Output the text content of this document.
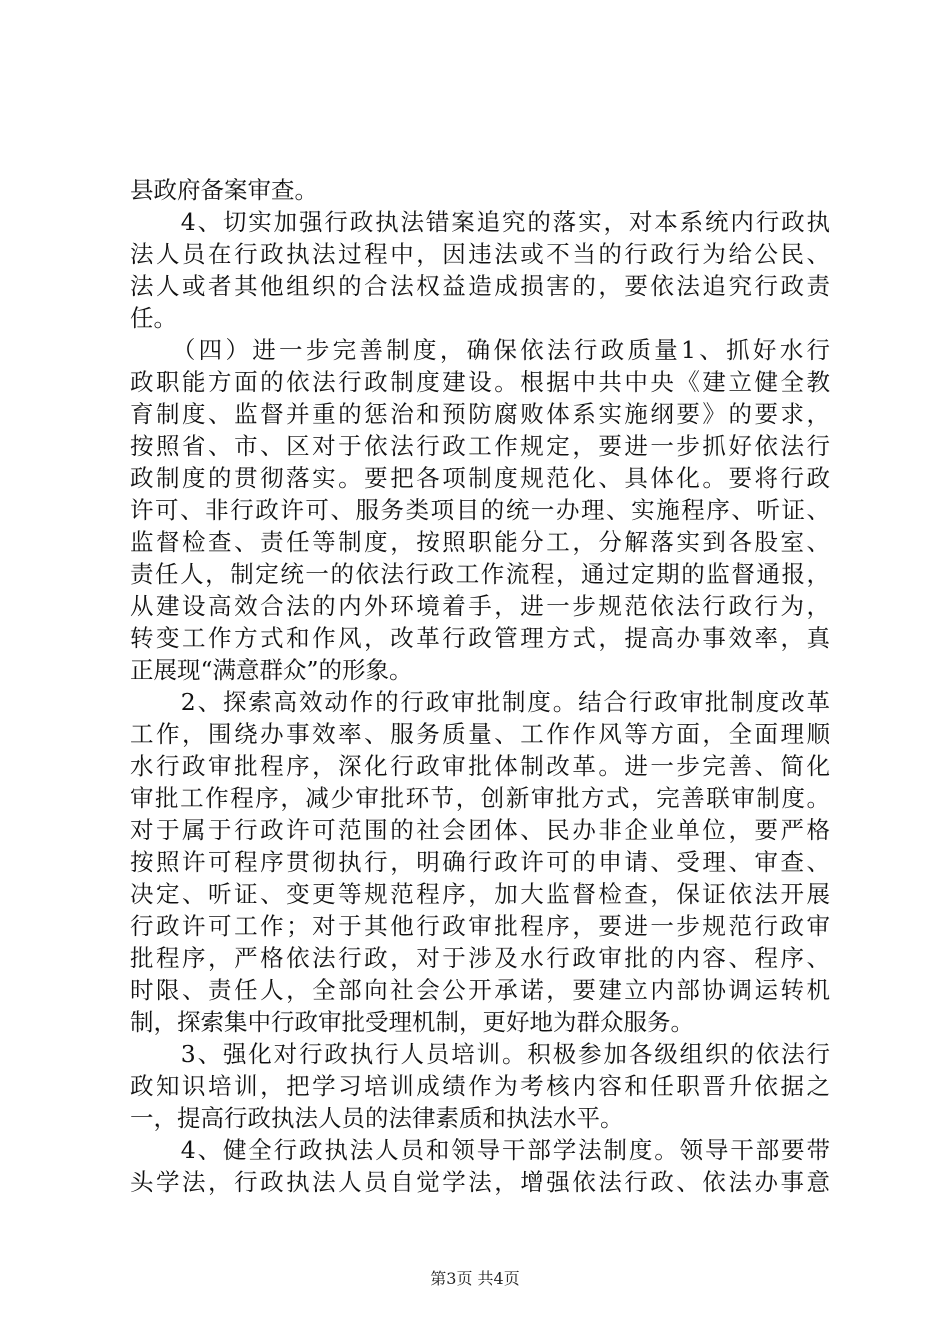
县政府备案审查。
　　4、切实加强行政执法错案追究的落实，对本系统内行政执
法人员在行政执法过程中，因违法或不当的行政行为给公民、
法人或者其他组织的合法权益造成损害的，要依法追究行政责
任。
　　（四）进一步完善制度，确保依法行政质量1、抓好水行
政职能方面的依法行政制度建设。根据中共中央《建立健全教
育制度、监督并重的惩治和预防腐败体系实施纲要》的要求，
按照省、市、区对于依法行政工作规定，要进一步抓好依法行
政制度的贯彻落实。要把各项制度规范化、具体化。要将行政
许可、非行政许可、服务类项目的统一办理、实施程序、听证、
监督检查、责任等制度，按照职能分工，分解落实到各股室、
责任人，制定统一的依法行政工作流程，通过定期的监督通报，
从建设高效合法的内外环境着手，进一步规范依法行政行为，
转变工作方式和作风，改革行政管理方式，提高办事效率，真
正展现“满意群众”的形象。
　　2、探索高效动作的行政审批制度。结合行政审批制度改革
工作，围绕办事效率、服务质量、工作作风等方面，全面理顺
水行政审批程序，深化行政审批体制改革。进一步完善、简化
审批工作程序，减少审批环节，创新审批方式，完善联审制度。
对于属于行政许可范围的社会团体、民办非企业单位，要严格
按照许可程序贯彻执行，明确行政许可的申请、受理、审查、
决定、听证、变更等规范程序，加大监督检查，保证依法开展
行政许可工作；对于其他行政审批程序，要进一步规范行政审
批程序，严格依法行政，对于涉及水行政审批的内容、程序、
时限、责任人，全部向社会公开承诺，要建立内部协调运转机
制，探索集中行政审批受理机制，更好地为群众服务。
　　3、强化对行政执行人员培训。积极参加各级组织的依法行
政知识培训，把学习培训成绩作为考核内容和任职晋升依据之
一，提高行政执法人员的法律素质和执法水平。
　　4、健全行政执法人员和领导干部学法制度。领导干部要带
头学法，行政执法人员自觉学法，增强依法行政、依法办事意
第3页 共4页
